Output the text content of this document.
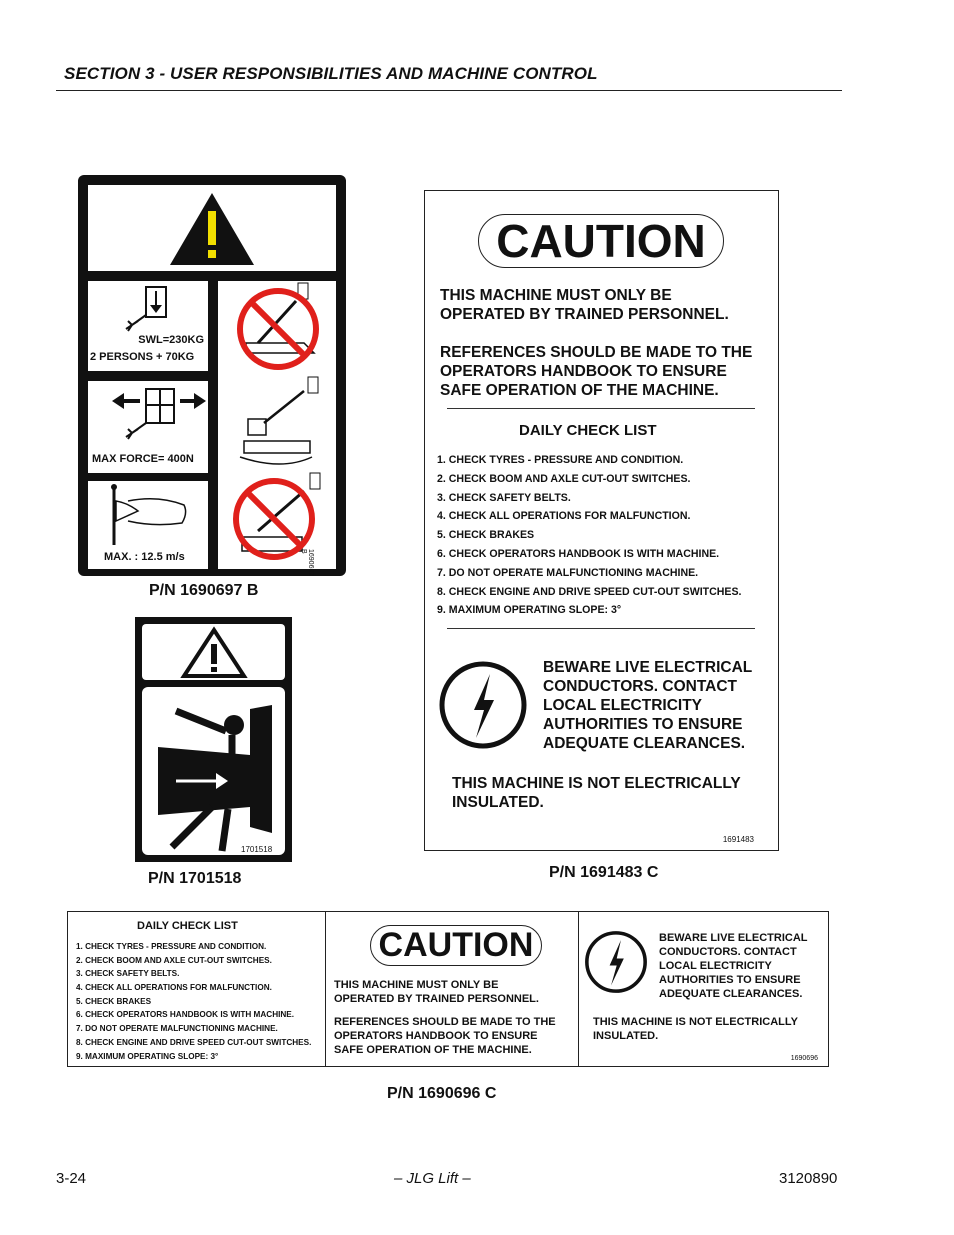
SECTION 3 - USER RESPONSIBILITIES AND MACHINE CONTROL
SWL=230KG
2 PERSONS + 70KG
MAX FORCE= 400N
MAX. : 12.5 m/s	1690697 B
P/N 1690697 B
1701518
P/N 1701518
CAUTION
THIS MACHINE MUST ONLY BE
OPERATED BY TRAINED PERSONNEL.
REFERENCES SHOULD BE MADE TO THE
OPERATORS HANDBOOK TO ENSURE
SAFE OPERATION OF THE MACHINE.
DAILY CHECK LIST
1. CHECK TYRES - PRESSURE AND CONDITION.
2. CHECK BOOM AND AXLE CUT-OUT SWITCHES.
3. CHECK SAFETY BELTS.
4. CHECK ALL OPERATIONS FOR MALFUNCTION.
5. CHECK BRAKES
6. CHECK OPERATORS HANDBOOK IS WITH MACHINE.
7. DO NOT OPERATE MALFUNCTIONING MACHINE.
8. CHECK ENGINE AND DRIVE SPEED CUT-OUT SWITCHES.
9. MAXIMUM OPERATING SLOPE: 3°
BEWARE LIVE ELECTRICAL
CONDUCTORS. CONTACT
LOCAL ELECTRICITY
AUTHORITIES TO ENSURE
ADEQUATE CLEARANCES.
THIS MACHINE IS NOT ELECTRICALLY
INSULATED.
1691483
P/N 1691483 C
DAILY CHECK LIST
1. CHECK TYRES - PRESSURE AND CONDITION.
2. CHECK BOOM AND AXLE CUT-OUT SWITCHES.
3. CHECK SAFETY BELTS.
4. CHECK ALL OPERATIONS FOR MALFUNCTION.
5. CHECK BRAKES
6. CHECK OPERATORS HANDBOOK IS WITH MACHINE.
7. DO NOT OPERATE MALFUNCTIONING MACHINE.
8. CHECK ENGINE AND DRIVE SPEED CUT-OUT SWITCHES.
9. MAXIMUM OPERATING SLOPE: 3°
CAUTION
THIS MACHINE MUST ONLY BE
OPERATED BY TRAINED PERSONNEL.
REFERENCES SHOULD BE MADE TO THE
OPERATORS HANDBOOK TO ENSURE
SAFE OPERATION OF THE MACHINE.
BEWARE LIVE ELECTRICAL
CONDUCTORS. CONTACT
LOCAL ELECTRICITY
AUTHORITIES TO ENSURE
ADEQUATE CLEARANCES.
THIS MACHINE IS NOT ELECTRICALLY
INSULATED.
1690696
P/N 1690696 C
3-24	– JLG Lift –	3120890
